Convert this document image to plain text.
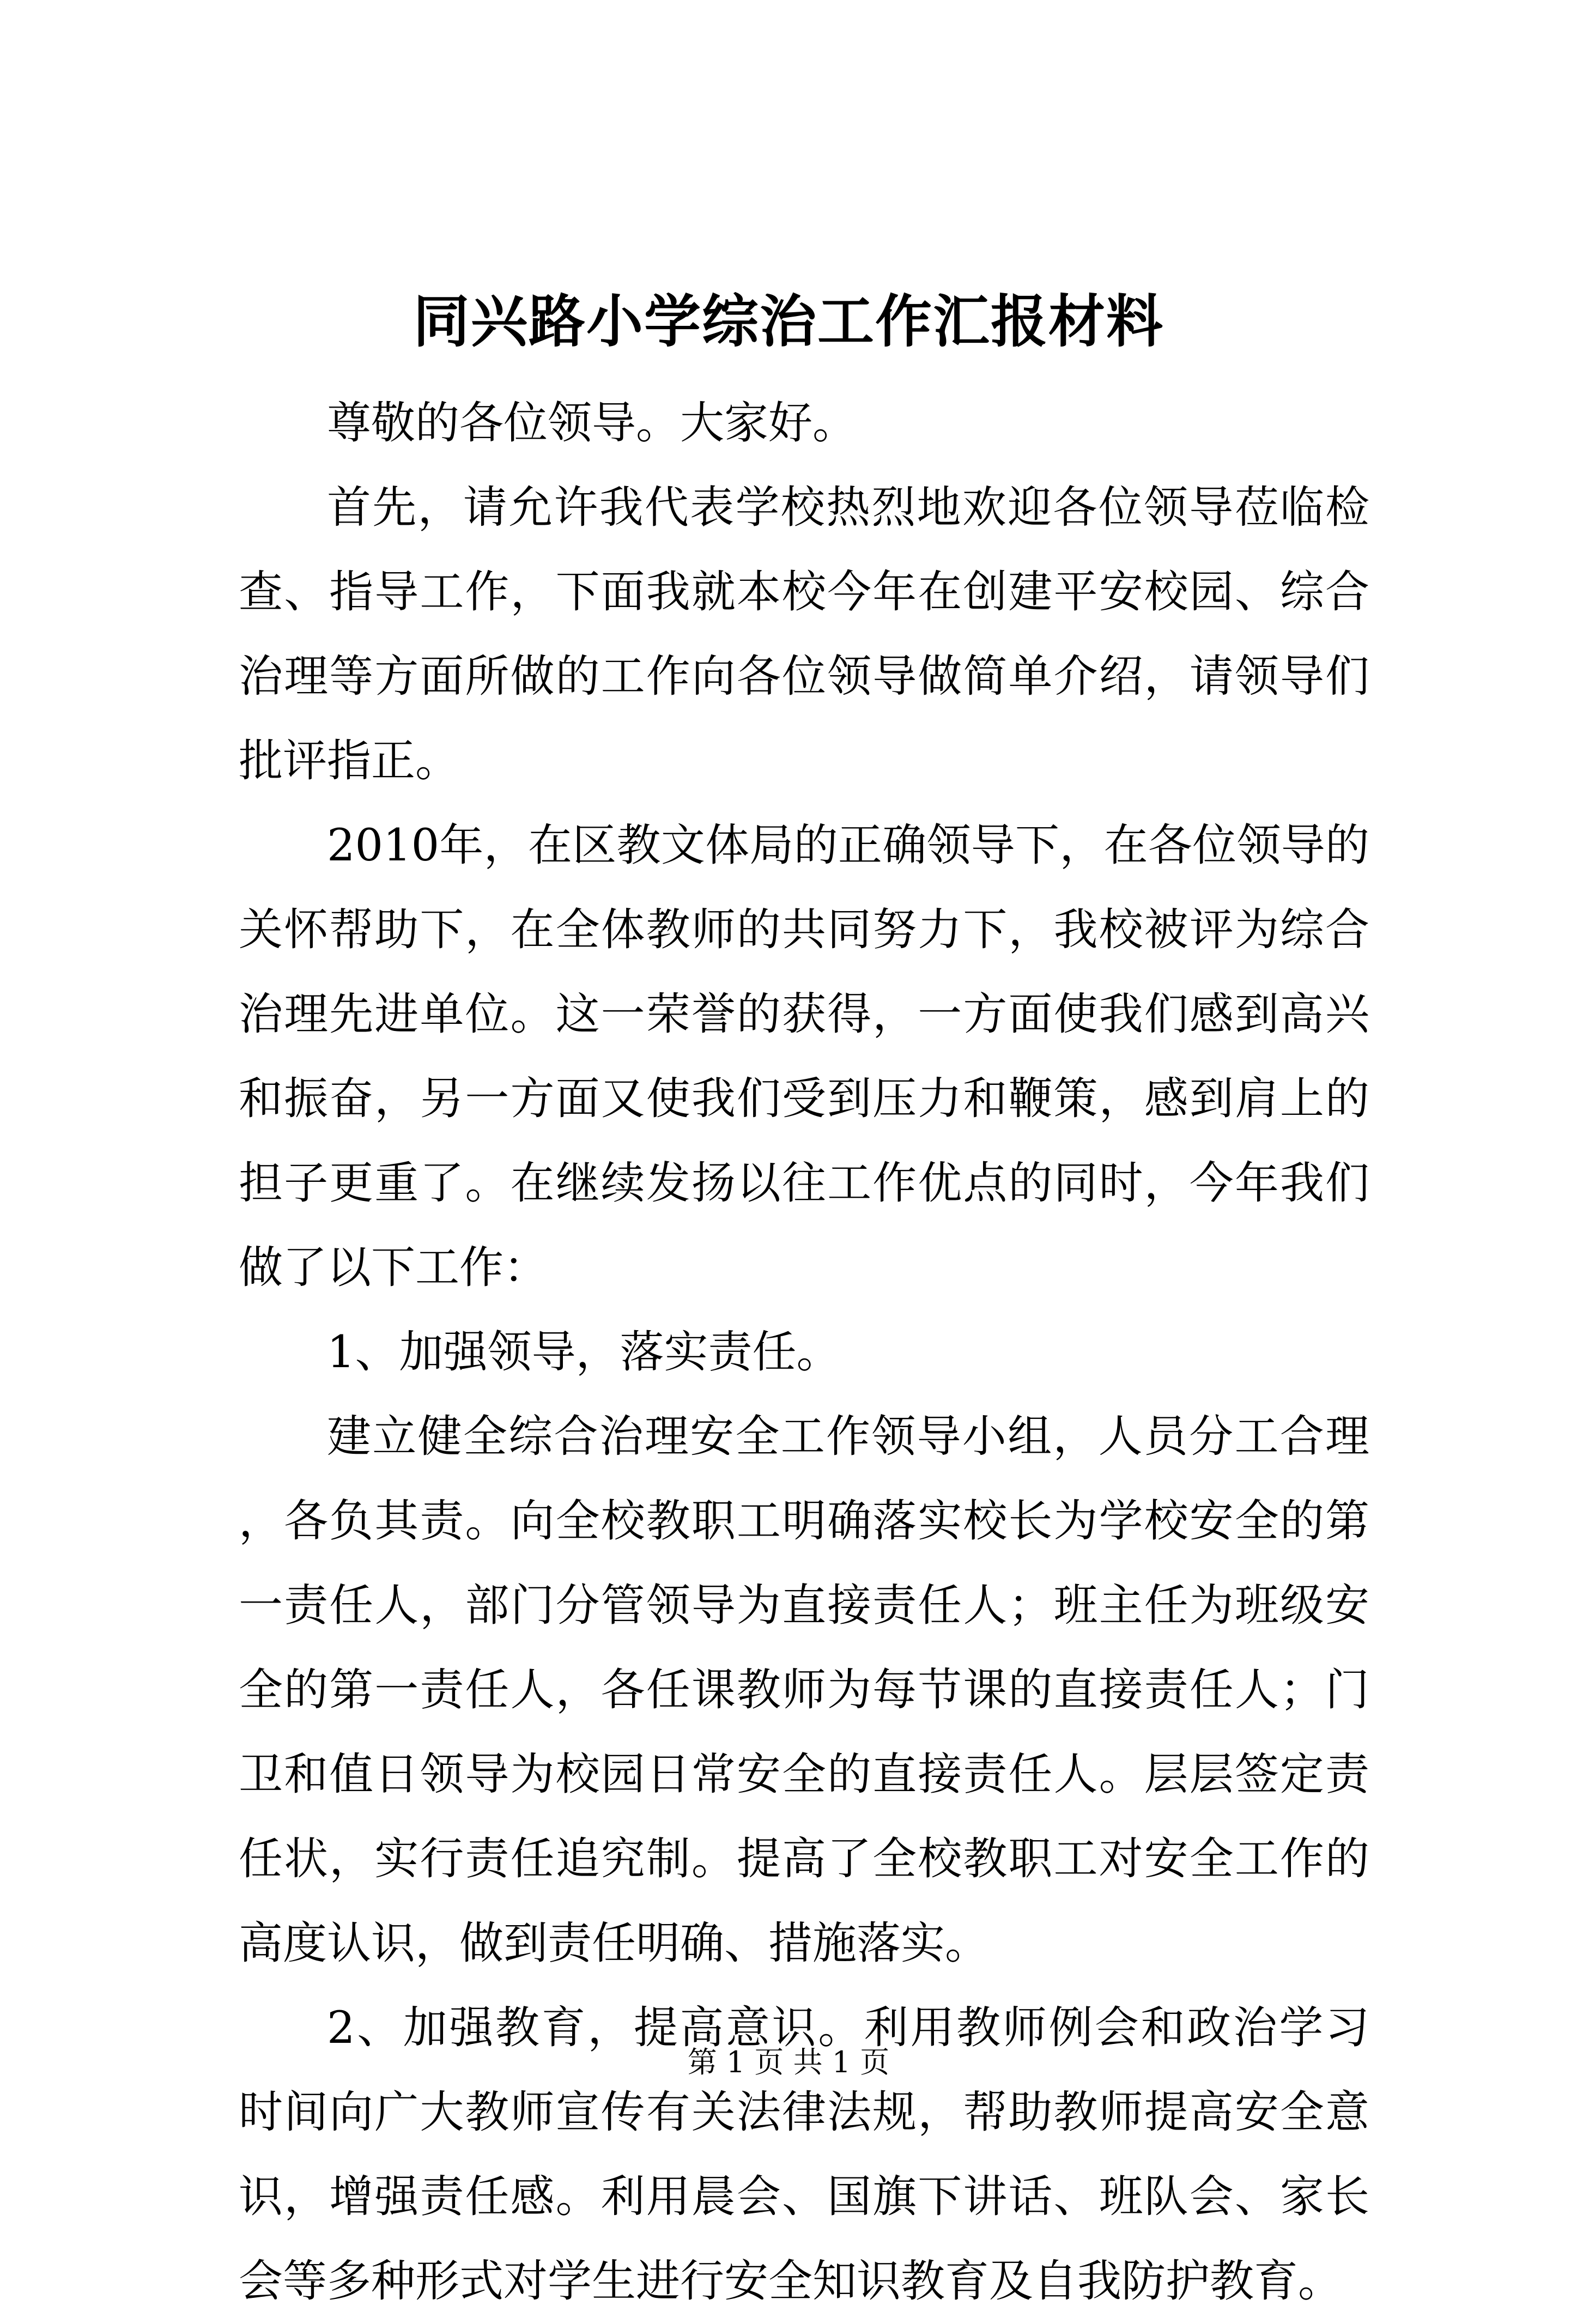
同兴路小学综治工作汇报材料

尊敬的各位领导。大家好。

首先，请允许我代表学校热烈地欢迎各位领导莅临检查、指导工作，下面我就本校今年在创建平安校园、综合治理等方面所做的工作向各位领导做简单介绍，请领导们批评指正。

2010年，在区教文体局的正确领导下，在各位领导的关怀帮助下，在全体教师的共同努力下，我校被评为综合治理先进单位。这一荣誉的获得，一方面使我们感到高兴和振奋，另一方面又使我们受到压力和鞭策，感到肩上的担子更重了。在继续发扬以往工作优点的同时，今年我们做了以下工作：

1、加强领导，落实责任。

建立健全综合治理安全工作领导小组，人员分工合理，各负其责。向全校教职工明确落实校长为学校安全的第一责任人，部门分管领导为直接责任人；班主任为班级安全的第一责任人，各任课教师为每节课的直接责任人；门卫和值日领导为校园日常安全的直接责任人。层层签定责任状，实行责任追究制。提高了全校教职工对安全工作的高度认识，做到责任明确、措施落实。

2、加强教育，提高意识。利用教师例会和政治学习时间向广大教师宣传有关法律法规，帮助教师提高安全意识，增强责任感。利用晨会、国旗下讲话、班队会、家长会等多种形式对学生进行安全知识教育及自我防护教育。

第 1 页 共 1 页
